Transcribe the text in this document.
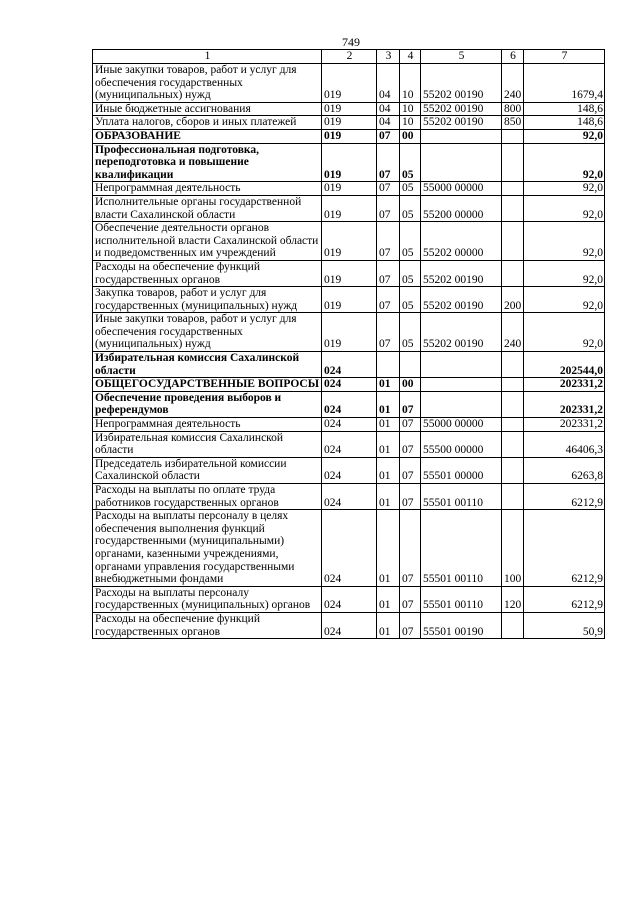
749
1	2	3	4	5	6	7
Иные закупки товаров, работ и услуг для обеспечения государственных (муниципальных) нужд	019	04	10	55202 00190	240	1679,4
Иные бюджетные ассигнования	019	04	10	55202 00190	800	148,6
Уплата налогов, сборов и иных платежей	019	04	10	55202 00190	850	148,6
ОБРАЗОВАНИЕ	019	07	00			92,0
Профессиональная подготовка, переподготовка и повышение квалификации	019	07	05			92,0
Непрограммная деятельность	019	07	05	55000 00000		92,0
Исполнительные органы государственной власти Сахалинской области	019	07	05	55200 00000		92,0
Обеспечение деятельности органов исполнительной власти Сахалинской области и подведомственных им учреждений	019	07	05	55202 00000		92,0
Расходы на обеспечение функций государственных органов	019	07	05	55202 00190		92,0
Закупка товаров, работ и услуг для государственных (муниципальных) нужд	019	07	05	55202 00190	200	92,0
Иные закупки товаров, работ и услуг для обеспечения государственных (муниципальных) нужд	019	07	05	55202 00190	240	92,0
Избирательная комиссия Сахалинской области	024					202544,0
ОБЩЕГОСУДАРСТВЕННЫЕ ВОПРОСЫ	024	01	00			202331,2
Обеспечение проведения выборов и референдумов	024	01	07			202331,2
Непрограммная деятельность	024	01	07	55000 00000		202331,2
Избирательная комиссия Сахалинской области	024	01	07	55500 00000		46406,3
Председатель избирательной комиссии Сахалинской области	024	01	07	55501 00000		6263,8
Расходы на выплаты по оплате труда работников государственных органов	024	01	07	55501 00110		6212,9
Расходы на выплаты персоналу в целях обеспечения выполнения функций государственными (муниципальными) органами, казенными учреждениями, органами управления государственными внебюджетными фондами	024	01	07	55501 00110	100	6212,9
Расходы на выплаты персоналу государственных (муниципальных) органов	024	01	07	55501 00110	120	6212,9
Расходы на обеспечение функций государственных органов	024	01	07	55501 00190		50,9
